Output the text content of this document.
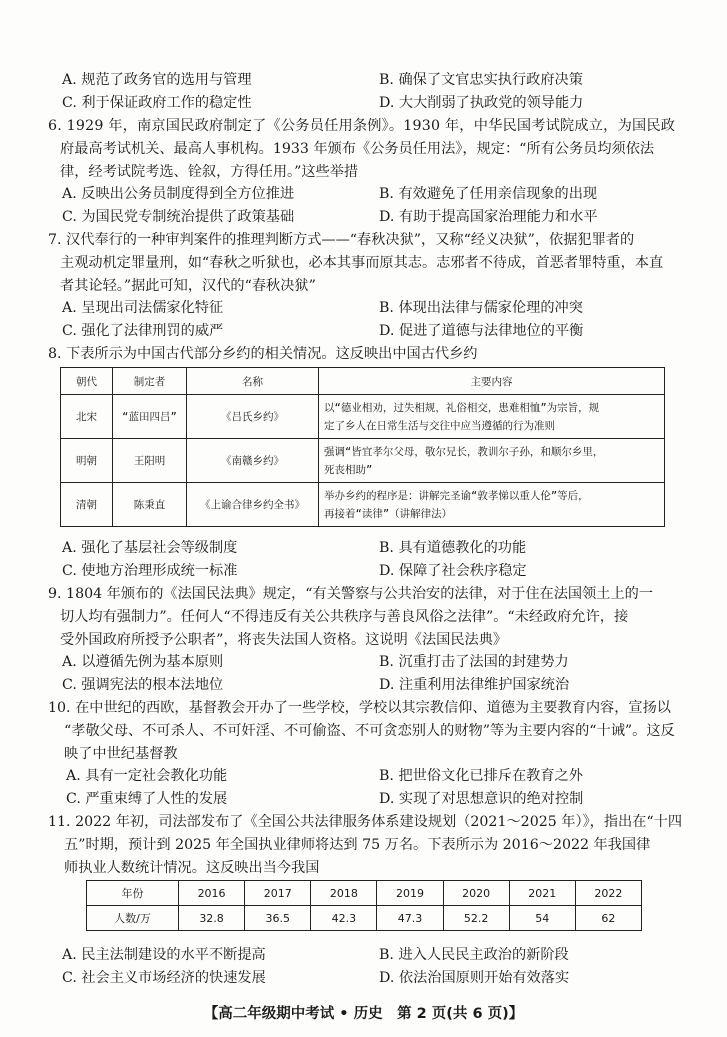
A. 规范了政务官的选用与管理	B. 确保了文官忠实执行政府决策
C. 利于保证政府工作的稳定性	D. 大大削弱了执政党的领导能力
6. 1929 年，南京国民政府制定了《公务员任用条例》。1930 年，中华民国考试院成立，为国民政
府最高考试机关、最高人事机构。1933 年颁布《公务员任用法》，规定：“所有公务员均须依法
律，经考试院考选、铨叙，方得任用。”这些举措
A. 反映出公务员制度得到全方位推进	B. 有效避免了任用亲信现象的出现
C. 为国民党专制统治提供了政策基础	D. 有助于提高国家治理能力和水平
7. 汉代奉行的一种审判案件的推理判断方式——“春秋决狱”，又称“经义决狱”，依据犯罪者的
主观动机定罪量刑，如“春秋之听狱也，必本其事而原其志。志邪者不待成，首恶者罪特重，本直
者其论轻。”据此可知，汉代的“春秋决狱”
A. 呈现出司法儒家化特征	B. 体现出法律与儒家伦理的冲突
C. 强化了法律刑罚的威严	D. 促进了道德与法律地位的平衡
8. 下表所示为中国古代部分乡约的相关情况。这反映出中国古代乡约
朝代	制定者	名称	主要内容
北宋	“蓝田四吕”	《吕氏乡约》	以“德业相劝，过失相规，礼俗相交，患难相恤”为宗旨，规
定了乡人在日常生活与交往中应当遵循的行为准则

明朝	王阳明	《南赣乡约》	强调“皆宜孝尔父母，敬尔兄长，教训尔子孙，和顺尔乡里，
死丧相助”

清朝	陈秉直	《上谕合律乡约全书》	举办乡约的程序是：讲解完圣谕“敦孝悌以重人伦”等后，
再接着“读律”（讲解律法）
A. 强化了基层社会等级制度	B. 具有道德教化的功能
C. 使地方治理形成统一标准	D. 保障了社会秩序稳定
9. 1804 年颁布的《法国民法典》规定，“有关警察与公共治安的法律，对于住在法国领土上的一
切人均有强制力”。任何人“不得违反有关公共秩序与善良风俗之法律”。“未经政府允许，接
受外国政府所授予公职者”，将丧失法国人资格。这说明《法国民法典》
A. 以遵循先例为基本原则	B. 沉重打击了法国的封建势力
C. 强调宪法的根本法地位	D. 注重利用法律维护国家统治
10. 在中世纪的西欧，基督教会开办了一些学校，学校以其宗教信仰、道德为主要教育内容，宣扬以
“孝敬父母、不可杀人、不可奸淫、不可偷盗、不可贪恋别人的财物”等为主要内容的“十诫”。这反
映了中世纪基督教
A. 具有一定社会教化功能	B. 把世俗文化已排斥在教育之外
C. 严重束缚了人性的发展	D. 实现了对思想意识的绝对控制
11. 2022 年初，司法部发布了《全国公共法律服务体系建设规划（2021～2025 年）》，指出在“十四
五”时期，预计到 2025 年全国执业律师将达到 75 万名。下表所示为 2016～2022 年我国律
师执业人数统计情况。这反映出当今我国
年份	2016	2017	2018	2019	2020	2021	2022
人数/万	32.8	36.5	42.3	47.3	52.2	54	62
A. 民主法制建设的水平不断提高	B. 进入人民民主政治的新阶段
C. 社会主义市场经济的快速发展	D. 依法治国原则开始有效落实
【高二年级期中考试 • 历史　第 2 页(共 6 页)】
